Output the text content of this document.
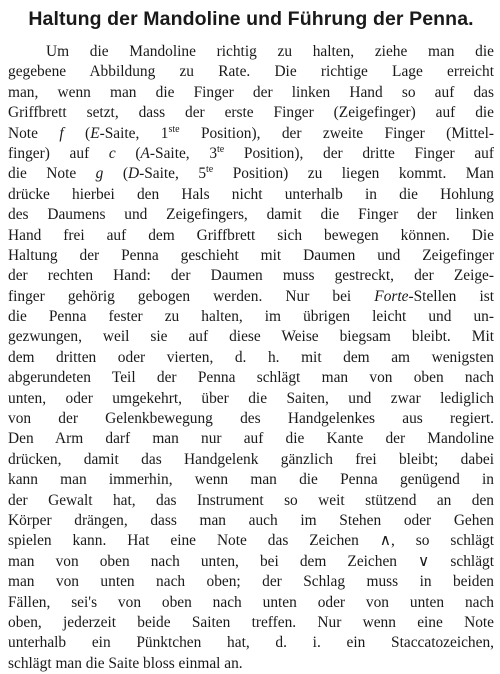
Haltung der Mandoline und Führung der Penna.
Um die Mandoline richtig zu halten, ziehe man die
gegebene Abbildung zu Rate. Die richtige Lage erreicht
man, wenn man die Finger der linken Hand so auf das
Griffbrett setzt, dass der erste Finger (Zeigefinger) auf die
Note f (E-Saite, 1ste Position), der zweite Finger (Mittel-
finger) auf c (A-Saite, $3^{te}$ Position), der dritte Finger auf
die Note g (D-Saite, $5^{te}$ Position) zu liegen kommt. Man
drücke hierbei den Hals nicht unterhalb in die Hohlung
des Daumens und Zeigefingers, damit die Finger der linken
Hand frei auf dem Griffbrett sich bewegen können. Die
Haltung der Penna geschieht mit Daumen und Zeigefinger
der rechten Hand: der Daumen muss gestreckt, der Zeige-
finger gehörig gebogen werden. Nur bei Forte-Stellen ist
die Penna fester zu halten, im übrigen leicht und un-
gezwungen, weil sie auf diese Weise biegsam bleibt. Mit
dem dritten oder vierten, d. h. mit dem am wenigsten
abgerundeten Teil der Penna schlägt man von oben nach
unten, oder umgekehrt, über die Saiten, und zwar lediglich
von der Gelenkbewegung des Handgelenkes aus regiert.
Den Arm darf man nur auf die Kante der Mandoline
drücken, damit das Handgelenk gänzlich frei bleibt; dabei
kann man immerhin, wenn man die Penna genügend in
der Gewalt hat, das Instrument so weit stützend an den
Körper drängen, dass man auch im Stehen oder Gehen
spielen kann. Hat eine Note das Zeichen ∧, so schlägt
man von oben nach unten, bei dem Zeichen ∨ schlägt
man von unten nach oben; der Schlag muss in beiden
Fällen, sei's von oben nach unten oder von unten nach
oben, jederzeit beide Saiten treffen. Nur wenn eine Note
unterhalb ein Pünktchen hat, d. i. ein Staccatozeichen,
schlägt man die Saite bloss einmal an.
